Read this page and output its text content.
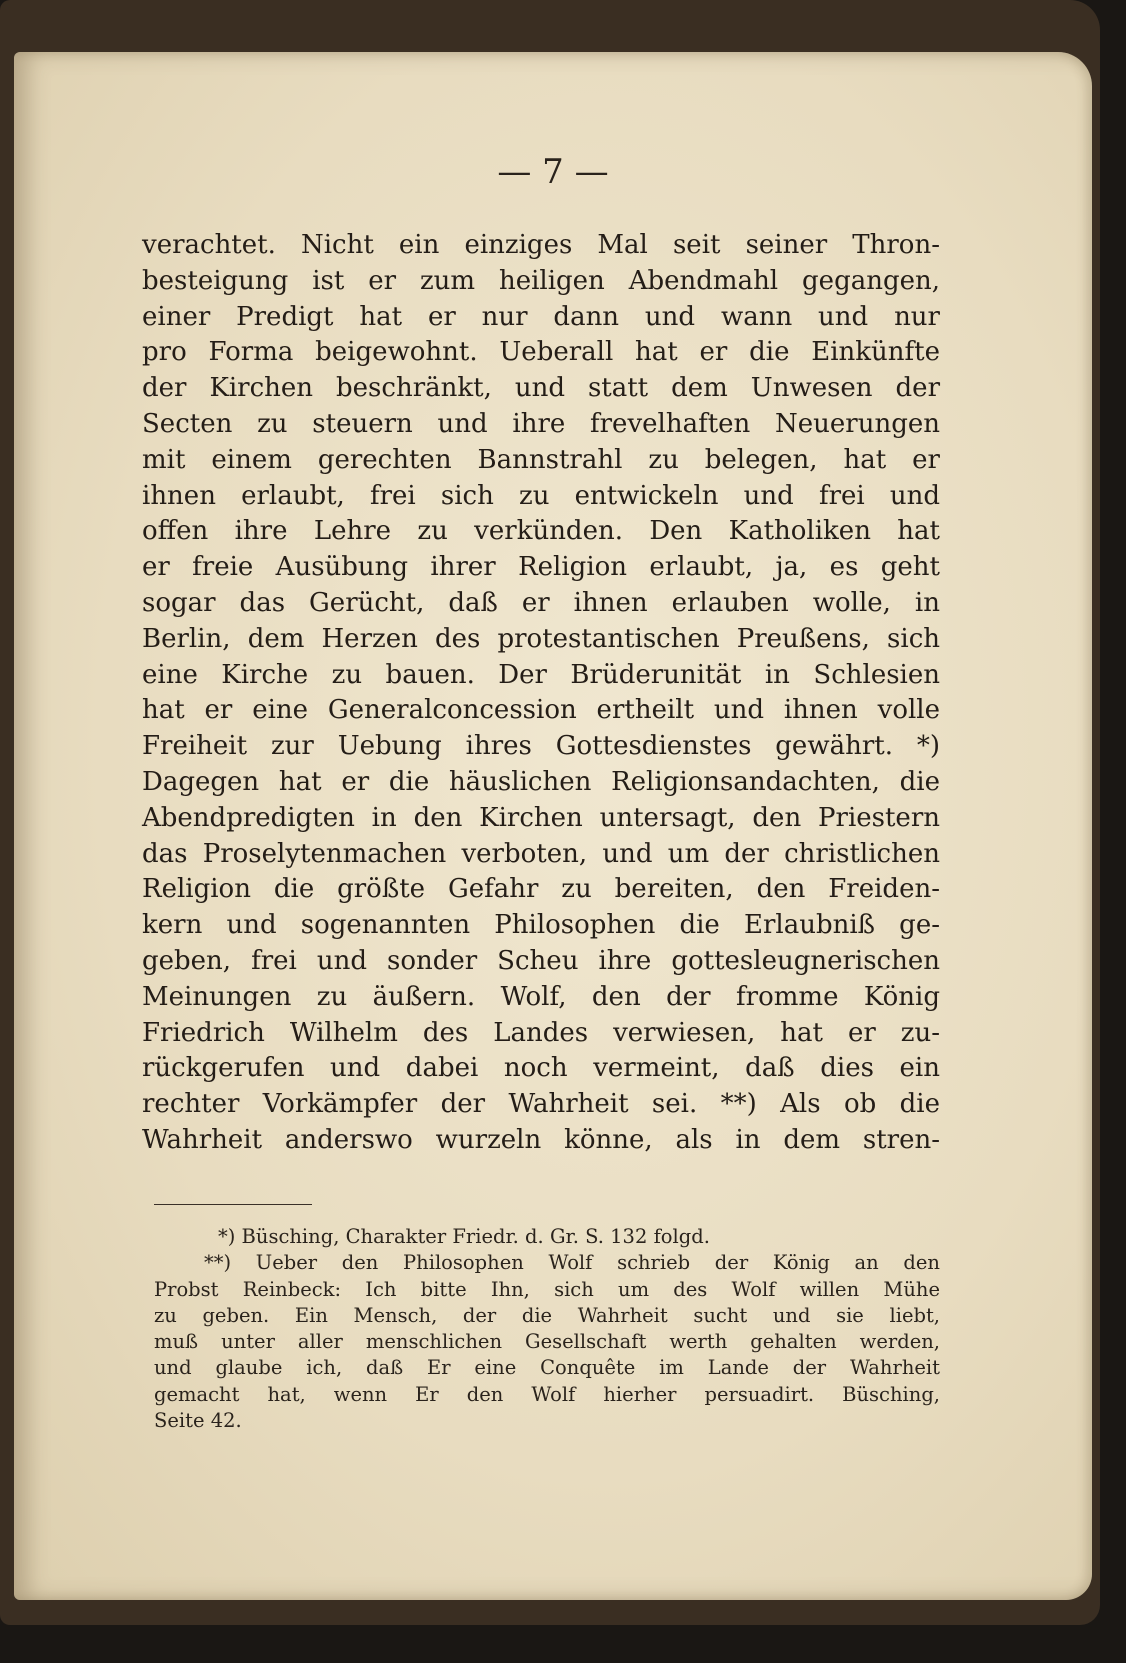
— 7 —
verachtet. Nicht ein einziges Mal seit seiner Thron-
besteigung ist er zum heiligen Abendmahl gegangen,
einer Predigt hat er nur dann und wann und nur
pro Forma beigewohnt. Ueberall hat er die Einkünfte
der Kirchen beschränkt, und statt dem Unwesen der
Secten zu steuern und ihre frevelhaften Neuerungen
mit einem gerechten Bannstrahl zu belegen, hat er
ihnen erlaubt, frei sich zu entwickeln und frei und
offen ihre Lehre zu verkünden. Den Katholiken hat
er freie Ausübung ihrer Religion erlaubt, ja, es geht
sogar das Gerücht, daß er ihnen erlauben wolle, in
Berlin, dem Herzen des protestantischen Preußens, sich
eine Kirche zu bauen. Der Brüderunität in Schlesien
hat er eine Generalconcession ertheilt und ihnen volle
Freiheit zur Uebung ihres Gottesdienstes gewährt. *)
Dagegen hat er die häuslichen Religionsandachten, die
Abendpredigten in den Kirchen untersagt, den Priestern
das Proselytenmachen verboten, und um der christlichen
Religion die größte Gefahr zu bereiten, den Freiden-
kern und sogenannten Philosophen die Erlaubniß ge-
geben, frei und sonder Scheu ihre gottesleugnerischen
Meinungen zu äußern. Wolf, den der fromme König
Friedrich Wilhelm des Landes verwiesen, hat er zu-
rückgerufen und dabei noch vermeint, daß dies ein
rechter Vorkämpfer der Wahrheit sei. **) Als ob die
Wahrheit anderswo wurzeln könne, als in dem stren-
*) Büsching, Charakter Friedr. d. Gr. S. 132 folgd.
**) Ueber den Philosophen Wolf schrieb der König an den
Probst Reinbeck: Ich bitte Ihn, sich um des Wolf willen Mühe
zu geben. Ein Mensch, der die Wahrheit sucht und sie liebt,
muß unter aller menschlichen Gesellschaft werth gehalten werden,
und glaube ich, daß Er eine Conquête im Lande der Wahrheit
gemacht hat, wenn Er den Wolf hierher persuadirt. Büsching,
Seite 42.
